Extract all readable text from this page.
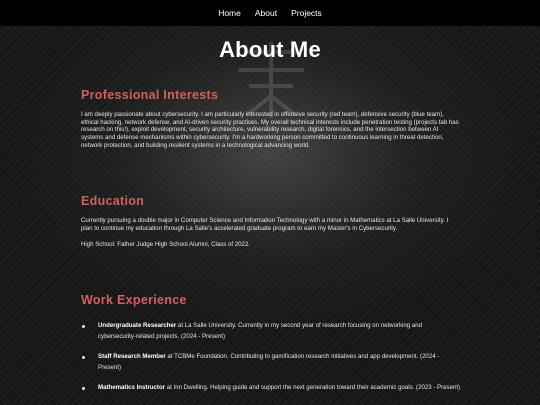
Home About Projects
About Me
Professional Interests

I am deeply passionate about cybersecurity. I am particularly interested in offensive security (red team), defensive security (blue team), ethical hacking, network defense, and AI-driven security practices. My overall technical interests include penetration testing (projects tab has research on this!), exploit development, security architecture, vulnerability research, digital forensics, and the intersection between AI systems and defense mechanisms within cybersecurity. I'm a hardworking person committed to continuous learning in threat detection, network protection, and building resilient systems in a technological advancing world.

Education

Currently pursuing a double major in Computer Science and Information Technology with a minor in Mathematics at La Salle University. I plan to continue my education through La Salle's accelerated graduate program to earn my Master's in Cybersecurity.

High School: Father Judge High School Alumni, Class of 2022.

Work Experience
Undergraduate Researcher at La Salle University. Currently in my second year of research focusing on networking and cybersecurity-related projects. (2024 - Present)
Staff Research Member at TCBMe Foundation. Contributing to gamification research initiatives and app development. (2024 - Present)
Mathematics Instructor at Inn Dwelling. Helping guide and support the next generation toward their academic goals. (2023 - Present)
